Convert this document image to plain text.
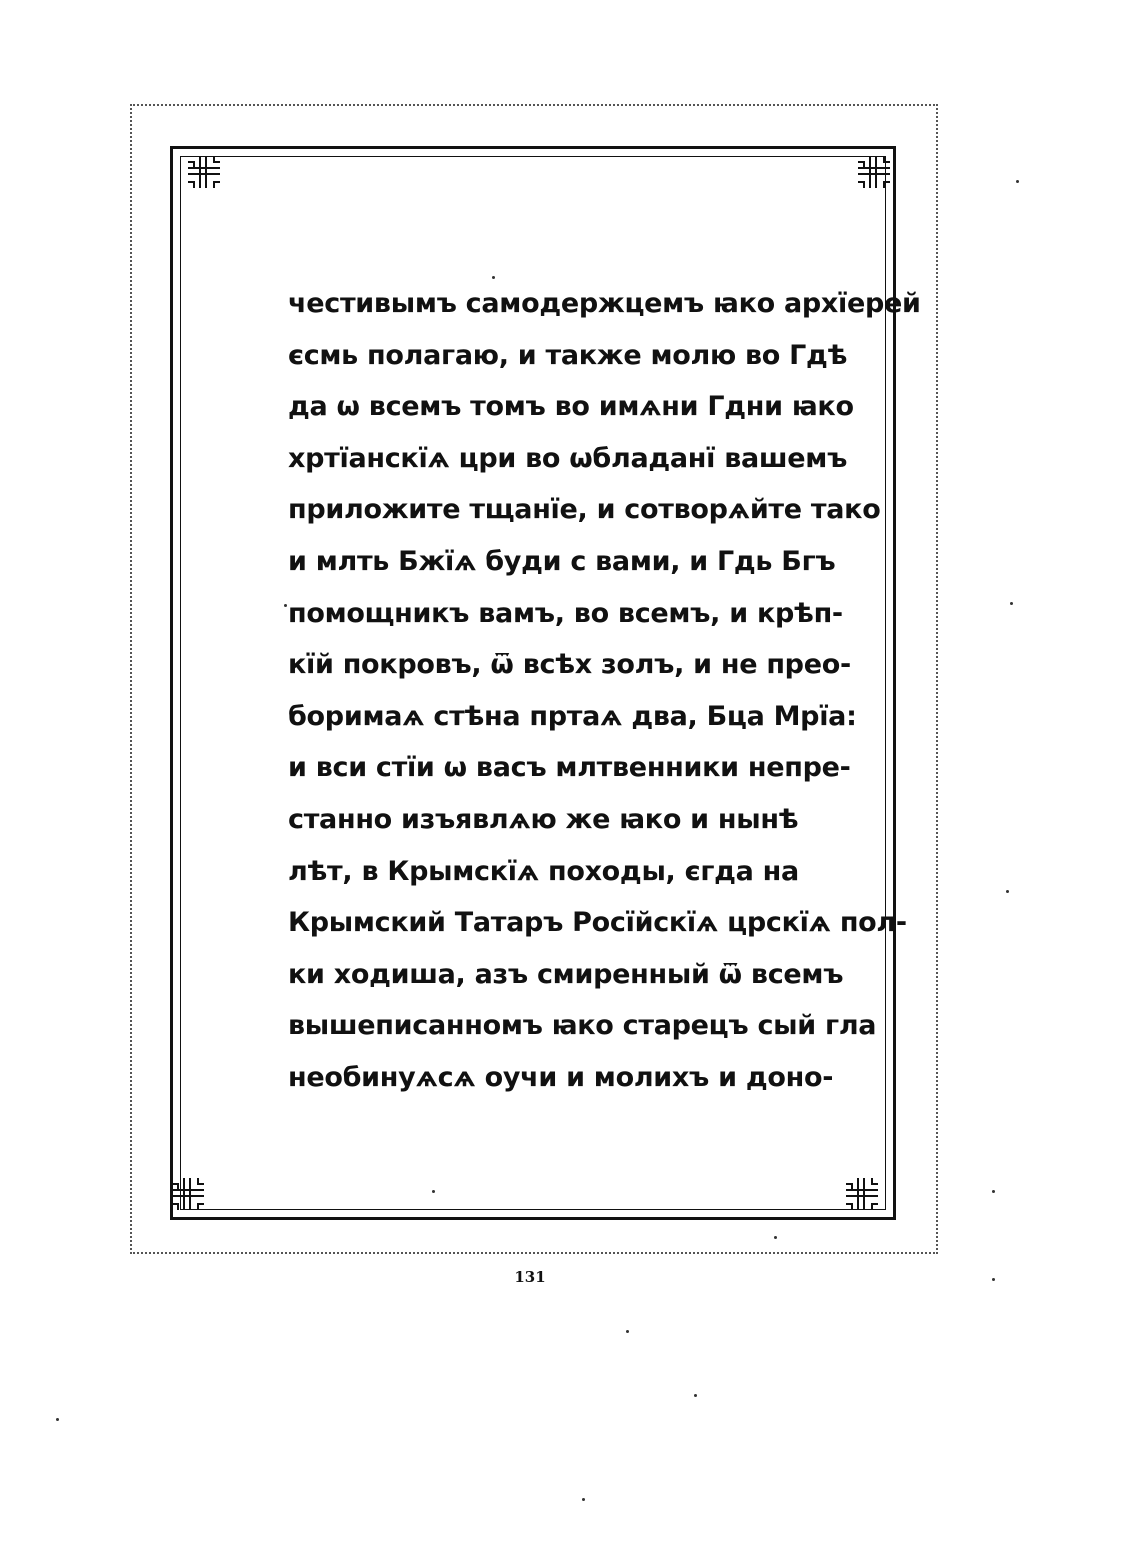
честивымъ самодержцемъ ꙗко архїерей
єсмь полагаю, и также молю во Гдѣ
да ѡ всемъ томъ во имѧни Гдни ꙗко
хртїанскїѧ цри во ѡбладанї вашемъ
приложите тщанїе, и сотворѧйте тако
и млть Бжїѧ буди с вами, и Гдь Бгъ
помощникъ вамъ, во всемъ, и крѣп-
кїй покровъ, ѿ всѣх золъ, и не прео-
боримаѧ стѣна пртаѧ два, Бца Мрїа:
и вси стїи ѡ васъ млтвенники непре-
станно изъявлѧю же ꙗко и нынѣ
лѣт, в Крымскїѧ походы, єгда на
Крымский Татаръ Росїйскїѧ црскїѧ пол-
ки ходиша, азъ смиренный ѿ всемъ
вышеписанномъ ꙗко старецъ сый гла
необинуѧсѧ оучи и молихъ и доно-
131
